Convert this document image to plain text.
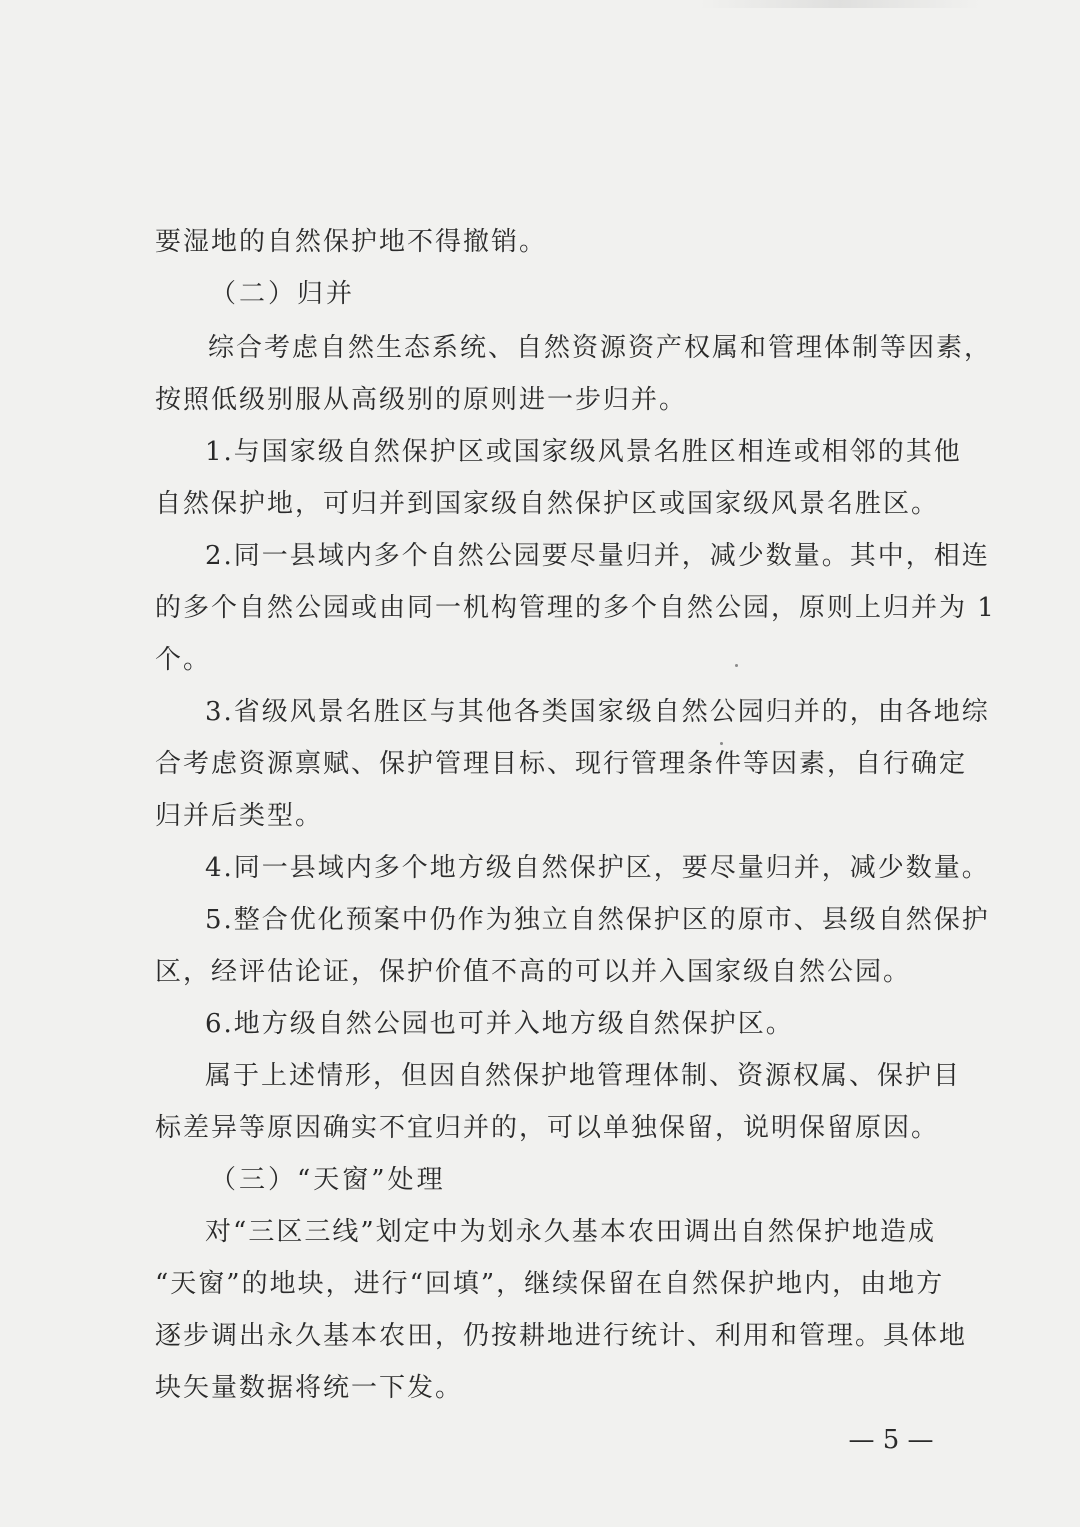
要湿地的自然保护地不得撤销。
（二）归并
综合考虑自然生态系统、自然资源资产权属和管理体制等因素，
按照低级别服从高级别的原则进一步归并。
1.与国家级自然保护区或国家级风景名胜区相连或相邻的其他
自然保护地，可归并到国家级自然保护区或国家级风景名胜区。
2.同一县域内多个自然公园要尽量归并，减少数量。其中，相连
的多个自然公园或由同一机构管理的多个自然公园，原则上归并为 1
个。
3.省级风景名胜区与其他各类国家级自然公园归并的，由各地综
合考虑资源禀赋、保护管理目标、现行管理条件等因素，自行确定
归并后类型。
4.同一县域内多个地方级自然保护区，要尽量归并，减少数量。
5.整合优化预案中仍作为独立自然保护区的原市、县级自然保护
区，经评估论证，保护价值不高的可以并入国家级自然公园。
6.地方级自然公园也可并入地方级自然保护区。
属于上述情形，但因自然保护地管理体制、资源权属、保护目
标差异等原因确实不宜归并的，可以单独保留，说明保留原因。
（三）“天窗”处理
对“三区三线”划定中为划永久基本农田调出自然保护地造成
“天窗”的地块，进行“回填”，继续保留在自然保护地内，由地方
逐步调出永久基本农田，仍按耕地进行统计、利用和管理。具体地
块矢量数据将统一下发。
— 5 —
